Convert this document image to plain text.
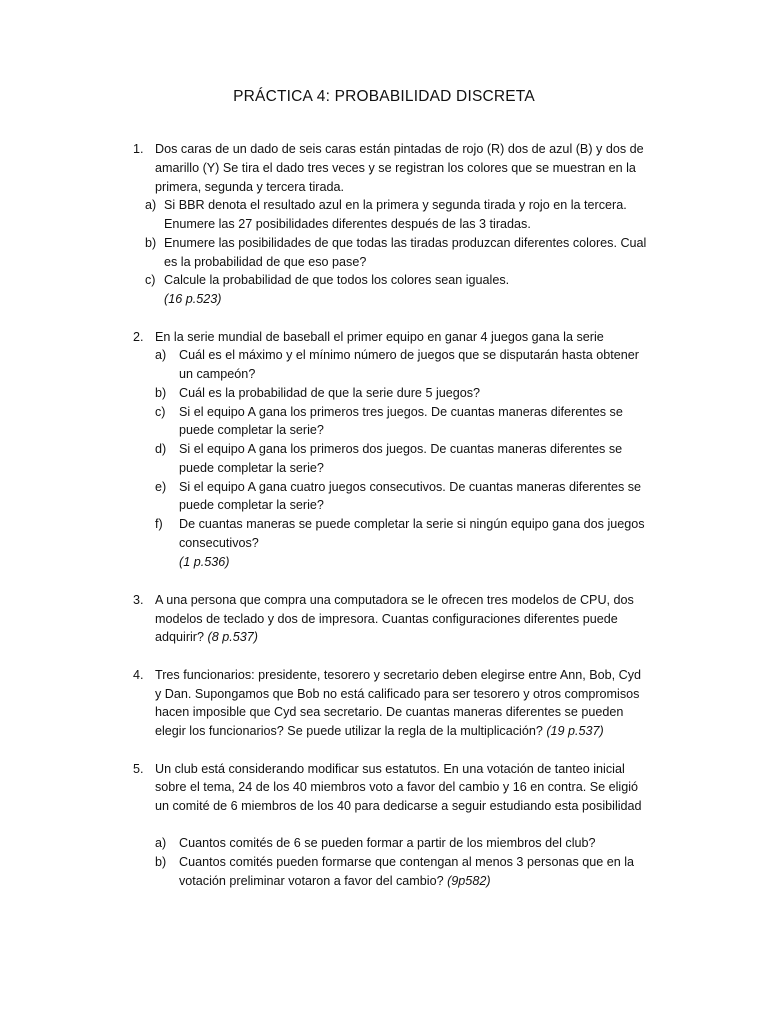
PRÁCTICA 4: PROBABILIDAD DISCRETA
1. Dos caras de un dado de seis caras están pintadas de rojo (R) dos de azul (B) y dos de
amarillo (Y) Se tira el dado tres veces y se registran los colores que se muestran en la
primera, segunda y tercera tirada.
a) Si BBR denota el resultado azul en la primera y segunda tirada y rojo en la tercera.
Enumere las 27 posibilidades diferentes después de las 3 tiradas.
b) Enumere las posibilidades de que todas las tiradas produzcan diferentes colores. Cual
es la probabilidad de que eso pase?
c) Calcule la probabilidad de que todos los colores sean iguales.
(16 p.523)
2. En la serie mundial de baseball el primer equipo en ganar 4 juegos gana la serie
a) Cuál es el máximo y el mínimo número de juegos que se disputarán hasta obtener
un campeón?
b) Cuál es la probabilidad de que la serie dure 5 juegos?
c) Si el equipo A gana los primeros tres juegos. De cuantas maneras diferentes se
puede completar la serie?
d) Si el equipo A gana los primeros dos juegos. De cuantas maneras diferentes se
puede completar la serie?
e) Si el equipo A gana cuatro juegos consecutivos. De cuantas maneras diferentes se
puede completar la serie?
f) De cuantas maneras se puede completar la serie si ningún equipo gana dos juegos
consecutivos?
(1 p.536)
3. A una persona que compra una computadora se le ofrecen tres modelos de CPU, dos
modelos de teclado y dos de impresora. Cuantas configuraciones diferentes puede
adquirir? (8 p.537)
4. Tres funcionarios: presidente, tesorero y secretario deben elegirse entre Ann, Bob, Cyd
y Dan. Supongamos que Bob no está calificado para ser tesorero y otros compromisos
hacen imposible que Cyd sea secretario. De cuantas maneras diferentes se pueden
elegir los funcionarios? Se puede utilizar la regla de la multiplicación? (19 p.537)
5. Un club está considerando modificar sus estatutos. En una votación de tanteo inicial
sobre el tema, 24 de los 40 miembros voto a favor del cambio y 16 en contra. Se eligió
un comité de 6 miembros de los 40 para dedicarse a seguir estudiando esta posibilidad
a) Cuantos comités de 6 se pueden formar a partir de los miembros del club?
b) Cuantos comités pueden formarse que contengan al menos 3 personas que en la
votación preliminar votaron a favor del cambio? (9p582)
